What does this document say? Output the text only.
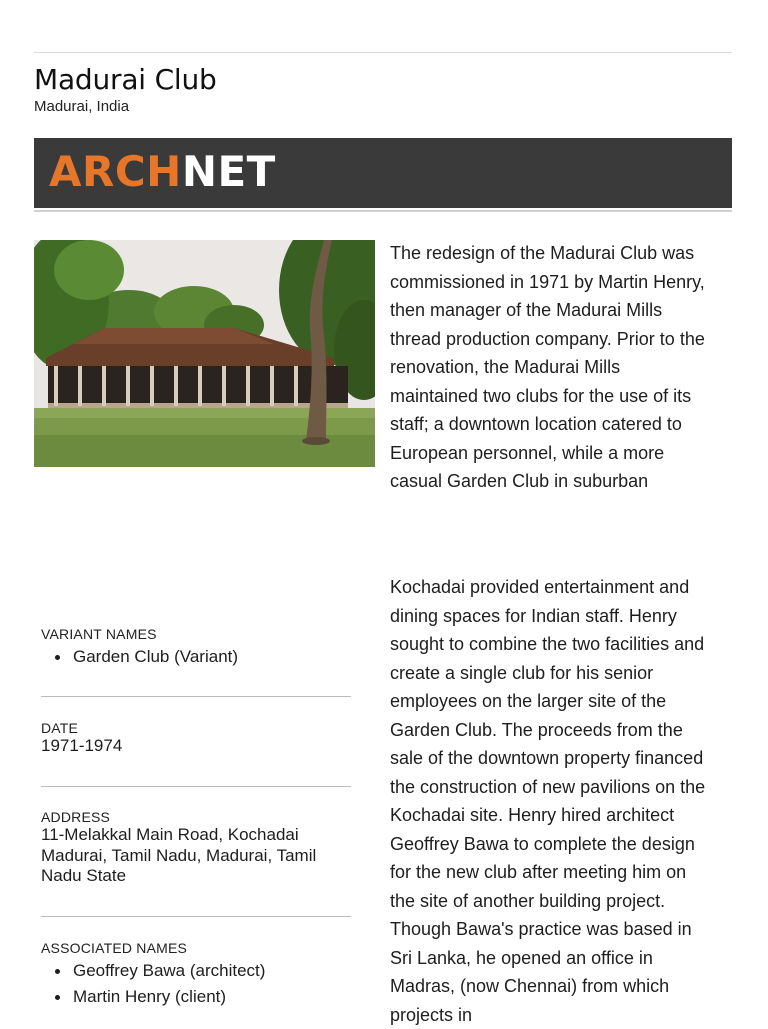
Madurai Club
Madurai, India
ARCHNET

The redesign of the Madurai Club was commissioned in 1971 by Martin Henry, then manager of the Madurai Mills thread production company. Prior to the renovation, the Madurai Mills maintained two clubs for the use of its staff; a downtown location catered to European personnel, while a more casual Garden Club in suburban

Kochadai provided entertainment and dining spaces for Indian staff. Henry sought to combine the two facilities and create a single club for his senior employees on the larger site of the Garden Club. The proceeds from the sale of the downtown property financed the construction of new pavilions on the Kochadai site. Henry hired architect Geoffrey Bawa to complete the design for the new club after meeting him on the site of another building project. Though Bawa's practice was based in Sri Lanka, he opened an office in Madras, (now Chennai) from which projects in

VARIANT NAMES
Garden Club (Variant)
DATE
1971-1974
ADDRESS
11-Melakkal Main Road, Kochadai Madurai, Tamil Nadu, Madurai, Tamil Nadu State
ASSOCIATED NAMES
Geoffrey Bawa (architect)
Martin Henry (client)
